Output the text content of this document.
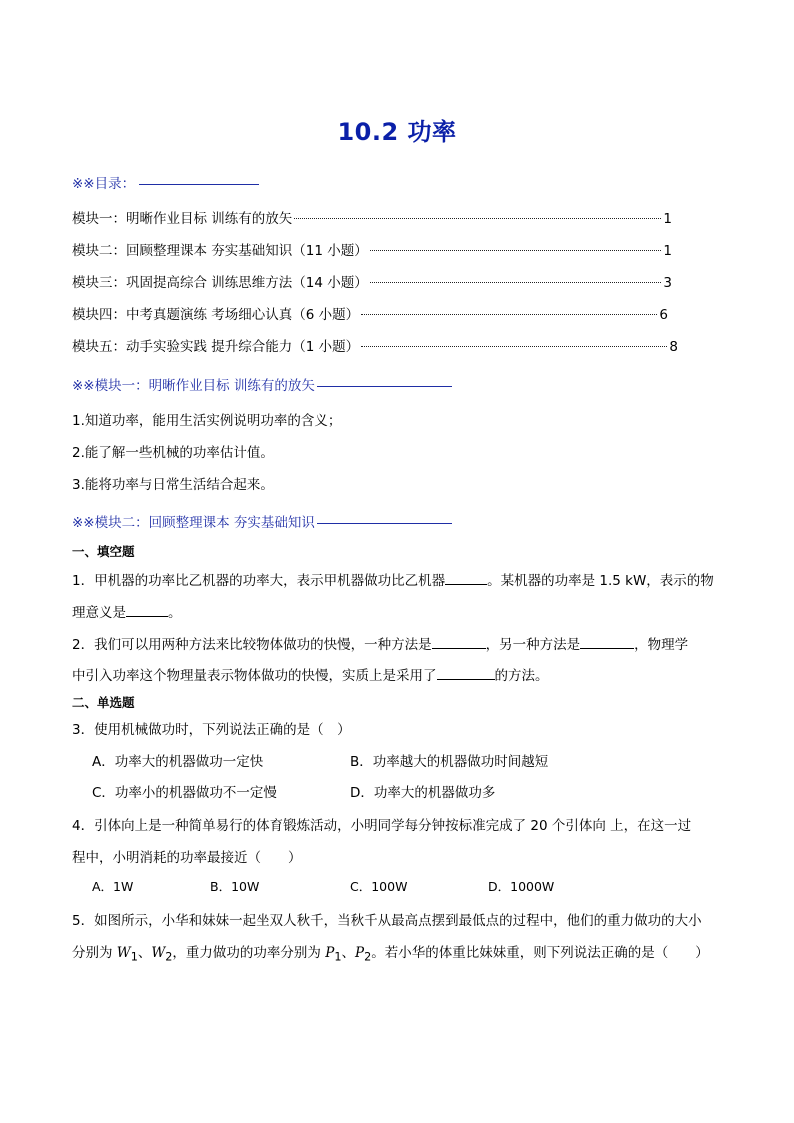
10.2 功率
※※目录：
模块一：明晰作业目标 训练有的放矢	1
模块二：回顾整理课本 夯实基础知识（11 小题）	1
模块三：巩固提高综合 训练思维方法（14 小题）	3
模块四：中考真题演练 考场细心认真（6 小题）	6
模块五：动手实验实践 提升综合能力（1 小题）	8
※※模块一：明晰作业目标 训练有的放矢
1.知道功率，能用生活实例说明功率的含义；
2.能了解一些机械的功率估计值。
3.能将功率与日常生活结合起来。
※※模块二：回顾整理课本 夯实基础知识
一、填空题
1．甲机器的功率比乙机器的功率大，表示甲机器做功比乙机器	。某机器的功率是 1.5 kW，表示的物
理意义是	。
2．我们可以用两种方法来比较物体做功的快慢，一种方法是	，另一种方法是	，物理学
中引入功率这个物理量表示物体做功的快慢，实质上是采用了	的方法。
二、单选题
3．使用机械做功时，下列说法正确的是（　）
A．功率大的机器做功一定快	B．功率越大的机器做功时间越短
C．功率小的机器做功不一定慢	D．功率大的机器做功多
4．引体向上是一种简单易行的体育锻炼活动，小明同学每分钟按标准完成了 20 个引体向 上，在这一过
程中，小明消耗的功率最接近（　　）
A．1W	B．10W	C．100W	D．1000W
5．如图所示，小华和妹妹一起坐双人秋千，当秋千从最高点摆到最低点的过程中，他们的重力做功的大小
分别为 $W_1$、$W_2$，重力做功的功率分别为 $P_1$、$P_2$。若小华的体重比妹妹重，则下列说法正确的是（　　）
